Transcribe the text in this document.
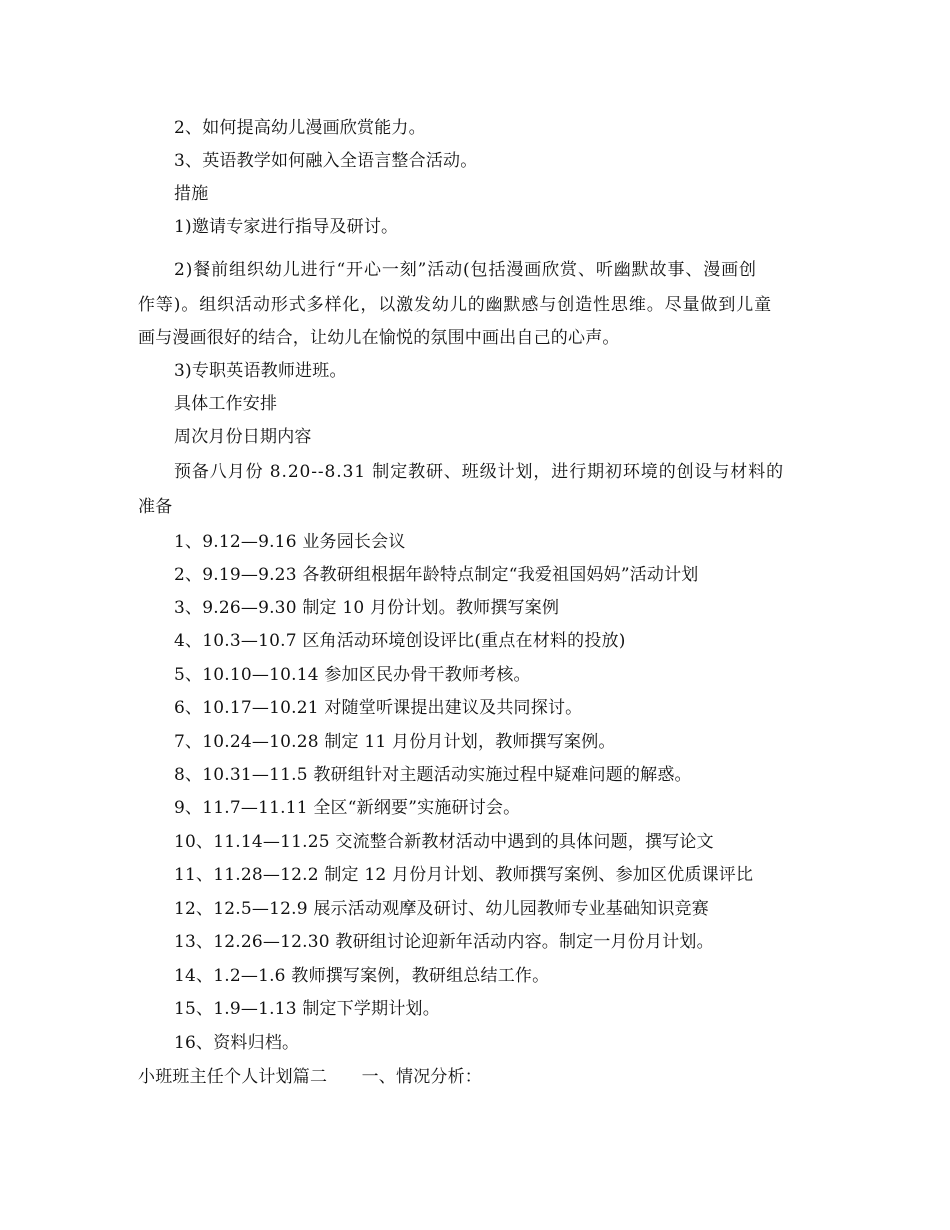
2、如何提高幼儿漫画欣赏能力。
3、英语教学如何融入全语言整合活动。
措施
1)邀请专家进行指导及研讨。
2)餐前组织幼儿进行“开心一刻”活动(包括漫画欣赏、听幽默故事、漫画创
作等)。组织活动形式多样化，以激发幼儿的幽默感与创造性思维。尽量做到儿童
画与漫画很好的结合，让幼儿在愉悦的氛围中画出自己的心声。
3)专职英语教师进班。
具体工作安排
周次月份日期内容
预备八月份 8.20--8.31 制定教研、班级计划，进行期初环境的创设与材料的
准备
1、9.12—9.16 业务园长会议
2、9.19—9.23 各教研组根据年龄特点制定“我爱祖国妈妈”活动计划
3、9.26—9.30 制定 10 月份计划。教师撰写案例
4、10.3—10.7 区角活动环境创设评比(重点在材料的投放)
5、10.10—10.14 参加区民办骨干教师考核。
6、10.17—10.21 对随堂听课提出建议及共同探讨。
7、10.24—10.28 制定 11 月份月计划，教师撰写案例。
8、10.31—11.5 教研组针对主题活动实施过程中疑难问题的解惑。
9、11.7—11.11 全区“新纲要”实施研讨会。
10、11.14—11.25 交流整合新教材活动中遇到的具体问题，撰写论文
11、11.28—12.2 制定 12 月份月计划、教师撰写案例、参加区优质课评比
12、12.5—12.9 展示活动观摩及研讨、幼儿园教师专业基础知识竞赛
13、12.26—12.30 教研组讨论迎新年活动内容。制定一月份月计划。
14、1.2—1.6 教师撰写案例，教研组总结工作。
15、1.9—1.13 制定下学期计划。
16、资料归档。
小班班主任个人计划篇二　　一、情况分析：
